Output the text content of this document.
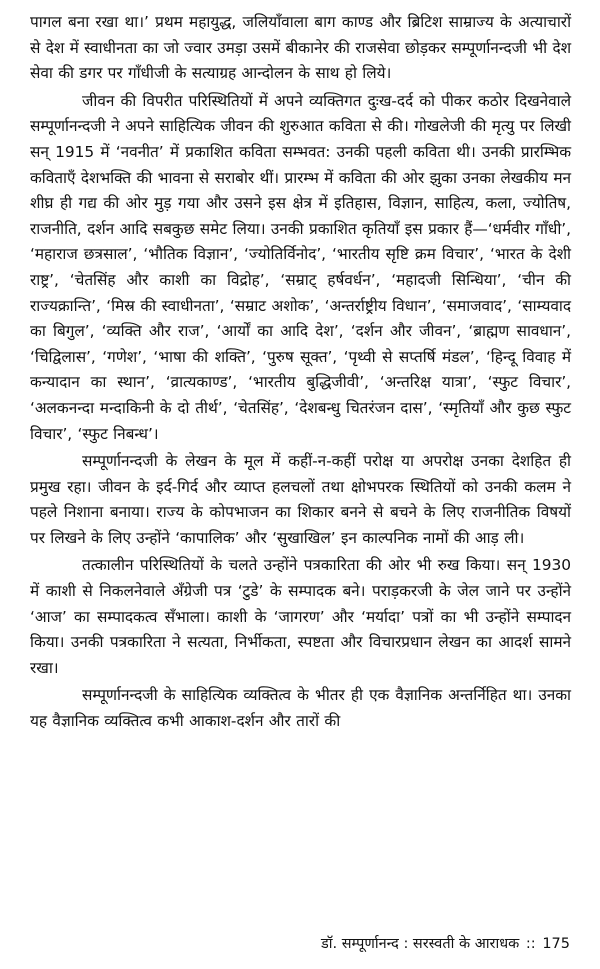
पागल बना रखा था।’ प्रथम महायुद्ध, जलियाँवाला बाग काण्ड और ब्रिटिश साम्राज्य के अत्याचारों से देश में स्वाधीनता का जो ज्वार उमड़ा उसमें बीकानेर की राजसेवा छोड़कर सम्पूर्णानन्दजी भी देश सेवा की डगर पर गाँधीजी के सत्याग्रह आन्दोलन के साथ हो लिये।

जीवन की विपरीत परिस्थितियों में अपने व्यक्तिगत दुःख-दर्द को पीकर कठोर दिखनेवाले सम्पूर्णानन्दजी ने अपने साहित्यिक जीवन की शुरुआत कविता से की। गोखलेजी की मृत्यु पर लिखी सन् 1915 में ‘नवनीत’ में प्रकाशित कविता सम्भवत: उनकी पहली कविता थी। उनकी प्रारम्भिक कविताएँ देशभक्ति की भावना से सराबोर थीं। प्रारम्भ में कविता की ओर झुका उनका लेखकीय मन शीघ्र ही गद्य की ओर मुड़ गया और उसने इस क्षेत्र में इतिहास, विज्ञान, साहित्य, कला, ज्योतिष, राजनीति, दर्शन आदि सबकुछ समेट लिया। उनकी प्रकाशित कृतियाँ इस प्रकार हैं—‘धर्मवीर गाँधी’, ‘महाराज छत्रसाल’, ‘भौतिक विज्ञान’, ‘ज्योतिर्विनोद’, ‘भारतीय सृष्टि क्रम विचार’, ‘भारत के देशी राष्ट्र’, ‘चेतसिंह और काशी का विद्रोह’, ‘सम्राट् हर्षवर्धन’, ‘महादजी सिन्धिया’, ‘चीन की राज्यक्रान्ति’, ‘मिस्र की स्वाधीनता’, ‘सम्राट अशोक’, ‘अन्तर्राष्ट्रीय विधान’, ‘समाजवाद’, ‘साम्यवाद का बिगुल’, ‘व्यक्ति और राज’, ‘आर्यों का आदि देश’, ‘दर्शन और जीवन’, ‘ब्राह्मण सावधान’, ‘चिद्विलास’, ‘गणेश’, ‘भाषा की शक्ति’, ‘पुरुष सूक्त’, ‘पृथ्वी से सप्तर्षि मंडल’, ‘हिन्दू विवाह में कन्यादान का स्थान’, ‘व्रात्यकाण्ड’, ‘भारतीय बुद्धिजीवी’, ‘अन्तरिक्ष यात्रा’, ‘स्फुट विचार’, ‘अलकनन्दा मन्दाकिनी के दो तीर्थ’, ‘चेतसिंह’, ‘देशबन्धु चितरंजन दास’, ‘स्मृतियाँ और कुछ स्फुट विचार’, ‘स्फुट निबन्ध’।

सम्पूर्णानन्दजी के लेखन के मूल में कहीं-न-कहीं परोक्ष या अपरोक्ष उनका देशहित ही प्रमुख रहा। जीवन के इर्द-गिर्द और व्याप्त हलचलों तथा क्षोभपरक स्थितियों को उनकी कलम ने पहले निशाना बनाया। राज्य के कोपभाजन का शिकार बनने से बचने के लिए राजनीतिक विषयों पर लिखने के लिए उन्होंने ‘कापालिक’ और ‘सुखाखिल’ इन काल्पनिक नामों की आड़ ली।

तत्कालीन परिस्थितियों के चलते उन्होंने पत्रकारिता की ओर भी रुख किया। सन् 1930 में काशी से निकलनेवाले अँग्रेजी पत्र ‘टुडे’ के सम्पादक बने। पराड़करजी के जेल जाने पर उन्होंने ‘आज’ का सम्पादकत्व सँभाला। काशी के ‘जागरण’ और ‘मर्यादा’ पत्रों का भी उन्होंने सम्पादन किया। उनकी पत्रकारिता ने सत्यता, निर्भीकता, स्पष्टता और विचारप्रधान लेखन का आदर्श सामने रखा।

सम्पूर्णानन्दजी के साहित्यिक व्यक्तित्व के भीतर ही एक वैज्ञानिक अन्तर्निहित था। उनका यह वैज्ञानिक व्यक्तित्व कभी आकाश-दर्शन और तारों की

डॉ. सम्पूर्णानन्द : सरस्वती के आराधक :: 175
